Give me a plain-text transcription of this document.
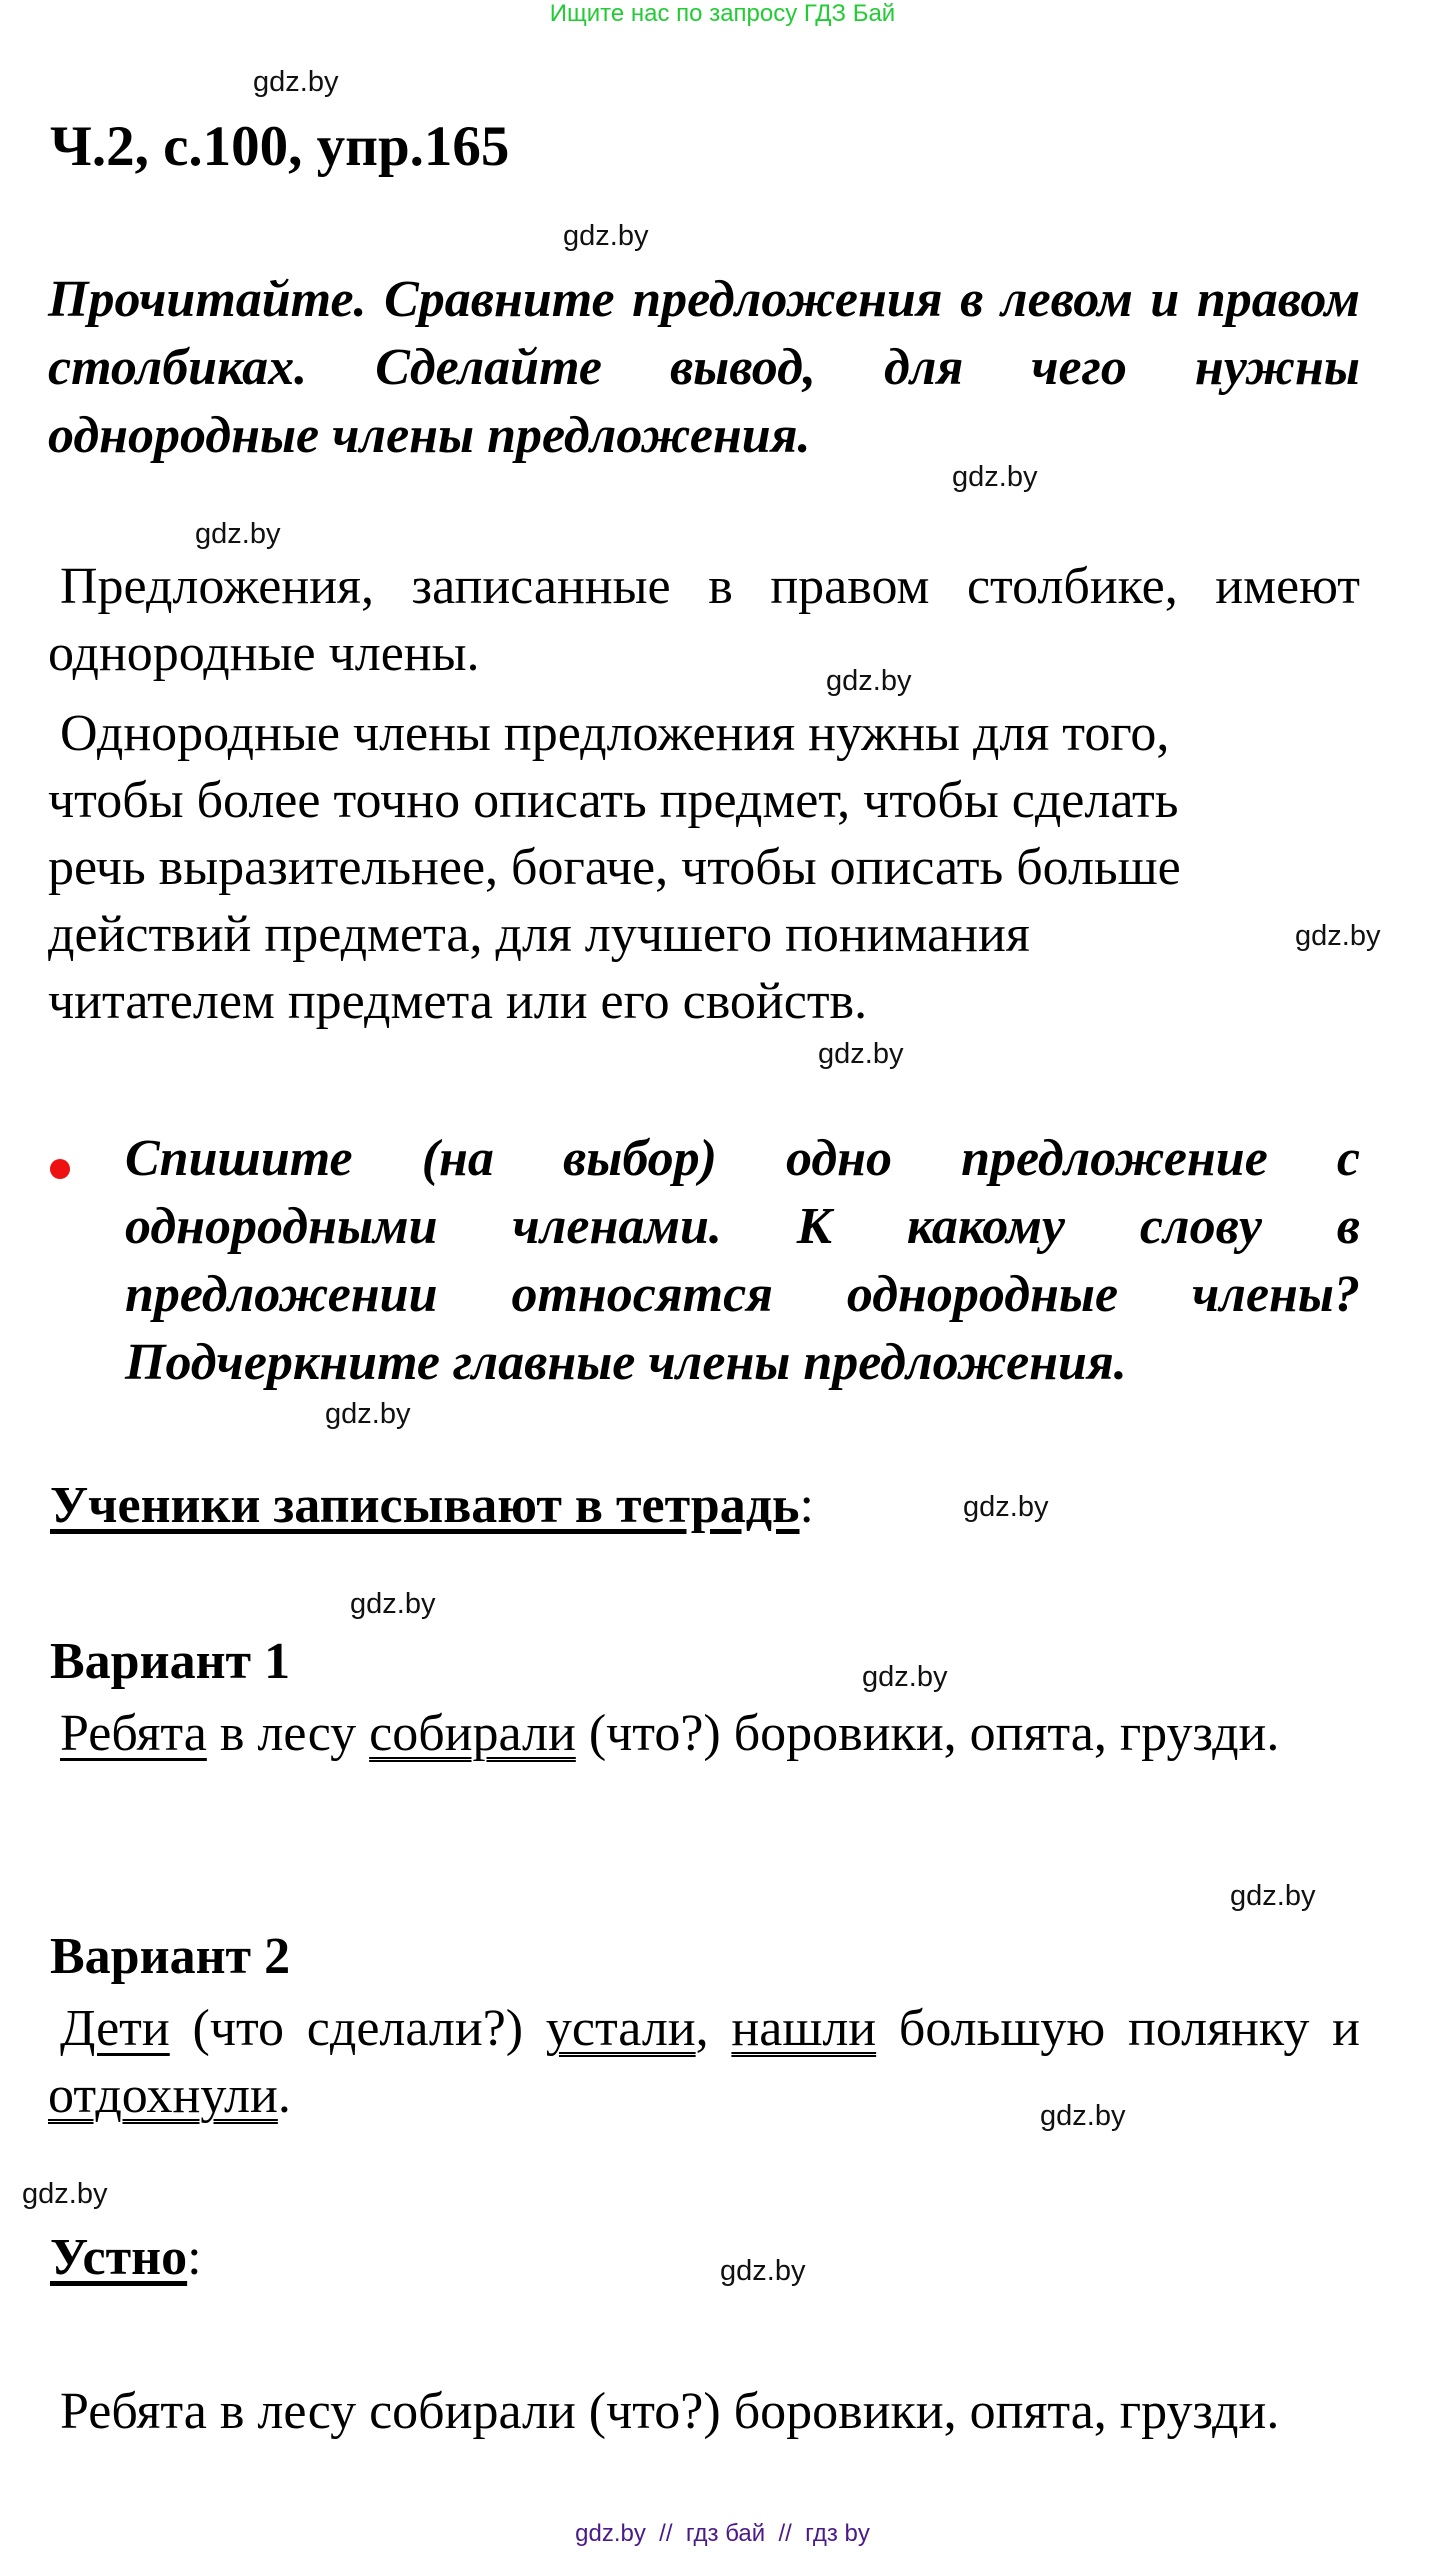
Ищите нас по запросу ГДЗ Бай
gdz.by
gdz.by
gdz.by
gdz.by
gdz.by
gdz.by
gdz.by
gdz.by
gdz.by
gdz.by
gdz.by
gdz.by
gdz.by
gdz.by
gdz.by
Ч.2, с.100, упр.165

Прочитайте. Сравните предложения в левом и правом столбиках. Сделайте вывод, для чего нужны однородные члены предложения.

Предложения, записанные в правом столбике, имеют однородные члены.

Однородные члены предложения нужны для того,
чтобы более точно описать предмет, чтобы сделать
речь выразительнее, богаче, чтобы описать больше
действий предмета, для лучшего понимания
читателем предмета или его свойств.

Спишите (на выбор) одно предложение с однородными членами. К какому слову в предложении относятся однородные члены? Подчеркните главные члены предложения.

Ученики записывают в тетрадь:

Вариант 1

Ребята в лесу собирали (что?) боровики, опята, грузди.

Вариант 2

Дети (что сделали?) устали, нашли большую полянку и отдохнули.

Устно:

Ребята в лесу собирали (что?) боровики, опята, грузди.

gdz.by  //  гдз бай  //  гдз by
